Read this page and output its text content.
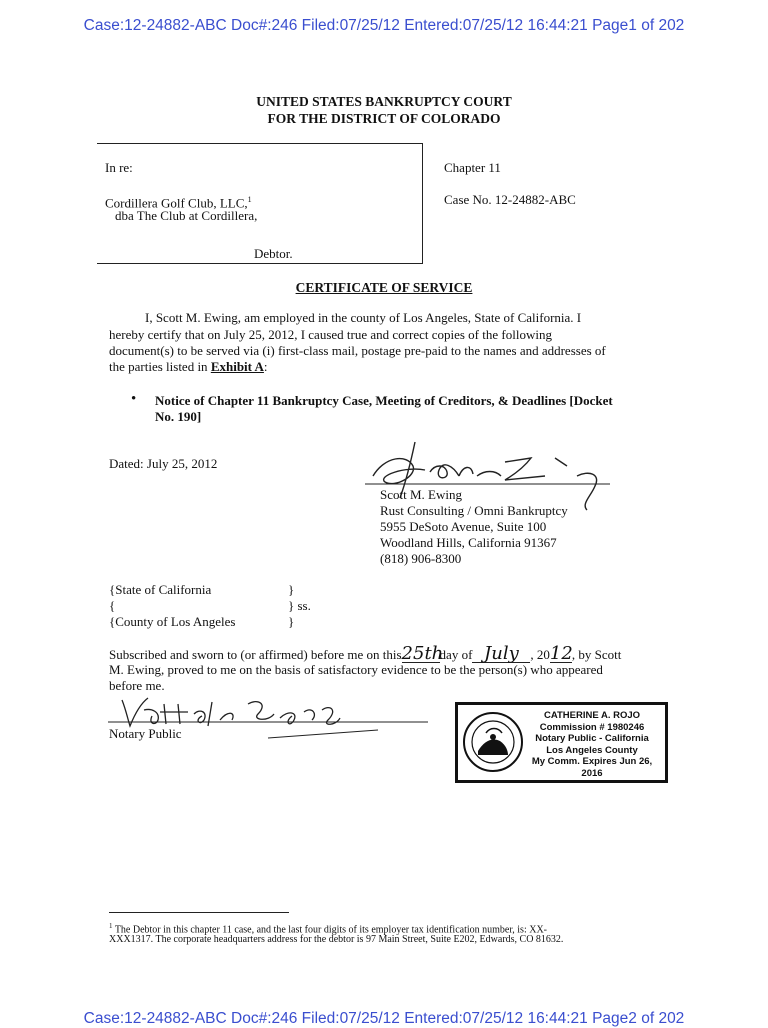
Case:12-24882-ABC Doc#:246 Filed:07/25/12 Entered:07/25/12 16:44:21 Page1 of 202
UNITED STATES BANKRUPTCY COURT
FOR THE DISTRICT OF COLORADO
In re:
Cordillera Golf Club, LLC,$^1$
dba The Club at Cordillera,
Debtor.
Chapter 11
Case No. 12-24882-ABC
CERTIFICATE OF SERVICE
I, Scott M. Ewing, am employed in the county of Los Angeles, State of California. I
hereby certify that on July 25, 2012, I caused true and correct copies of the following
document(s) to be served via (i) first-class mail, postage pre-paid to the names and addresses of
the parties listed in Exhibit A:
• Notice of Chapter 11 Bankruptcy Case, Meeting of Creditors, & Deadlines [Docket
No. 190]
Dated: July 25, 2012
Scott M. Ewing
Rust Consulting / Omni Bankruptcy
5955 DeSoto Avenue, Suite 100
Woodland Hills, California 91367
(818) 906-8300
{State of California
{
{County of Los Angeles
}
} ss.
}
Subscribed and sworn to (or affirmed) before me on this25thday of July , 2012, by Scott
M. Ewing, proved to me on the basis of satisfactory evidence to be the person(s) who appeared
before me.
Notary Public
CATHERINE A. ROJO
Commission # 1980246
Notary Public - California
Los Angeles County
My Comm. Expires Jun 26, 2016
$^1$ The Debtor in this chapter 11 case, and the last four digits of its employer tax identification number, is: XX-
XXX1317. The corporate headquarters address for the debtor is 97 Main Street, Suite E202, Edwards, CO 81632.
Case:12-24882-ABC Doc#:246 Filed:07/25/12 Entered:07/25/12 16:44:21 Page2 of 202
